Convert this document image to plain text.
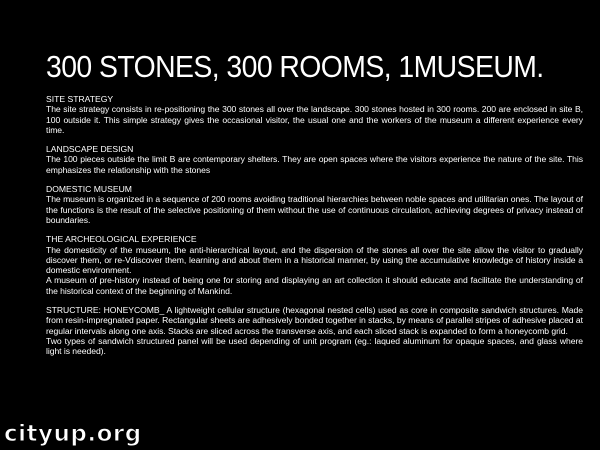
300 STONES, 300 ROOMS, 1MUSEUM.
SITE STRATEGY

The site strategy consists in re-positioning the 300 stones all over the landscape. 300 stones hosted in 300 rooms. 200 are enclosed in site B, 100 outside it. This simple strategy gives the occasional visitor, the usual one and the workers of the museum a different experience every time.

LANDSCAPE DESIGN

The 100 pieces outside the limit B are contemporary shelters. They are open spaces where the visitors experience the nature of the site. This emphasizes the relationship with the stones

DOMESTIC MUSEUM

The museum is organized in a sequence of 200 rooms avoiding traditional hierarchies between noble spaces and utilitarian ones. The layout of the functions is the result of the selective positioning of them without the use of continuous circulation, achieving degrees of privacy instead of boundaries.

THE ARCHEOLOGICAL EXPERIENCE

The domesticity of the museum, the anti-hierarchical layout, and the dispersion of the stones all over the site allow the visitor to gradually discover them, or re-Vdiscover them, learning and about them in a historical manner, by using the accumulative knowledge of history inside a domestic environment.

A museum of pre-history instead of being one for storing and displaying an art collection it should educate and facilitate the understanding of the historical context of the beginning of Mankind.

STRUCTURE: HONEYCOMB_ A lightweight cellular structure (hexagonal nested cells) used as core in composite sandwich structures. Made from resin-impregnated paper. Rectangular sheets are adhesively bonded together in stacks, by means of parallel stripes of adhesive placed at regular intervals along one axis. Stacks are sliced across the transverse axis, and each sliced stack is expanded to form a honeycomb grid.

Two types of sandwich structured panel will be used depending of unit program (eg.: laqued aluminum for opaque spaces, and glass where light is needed).

cityup.org
